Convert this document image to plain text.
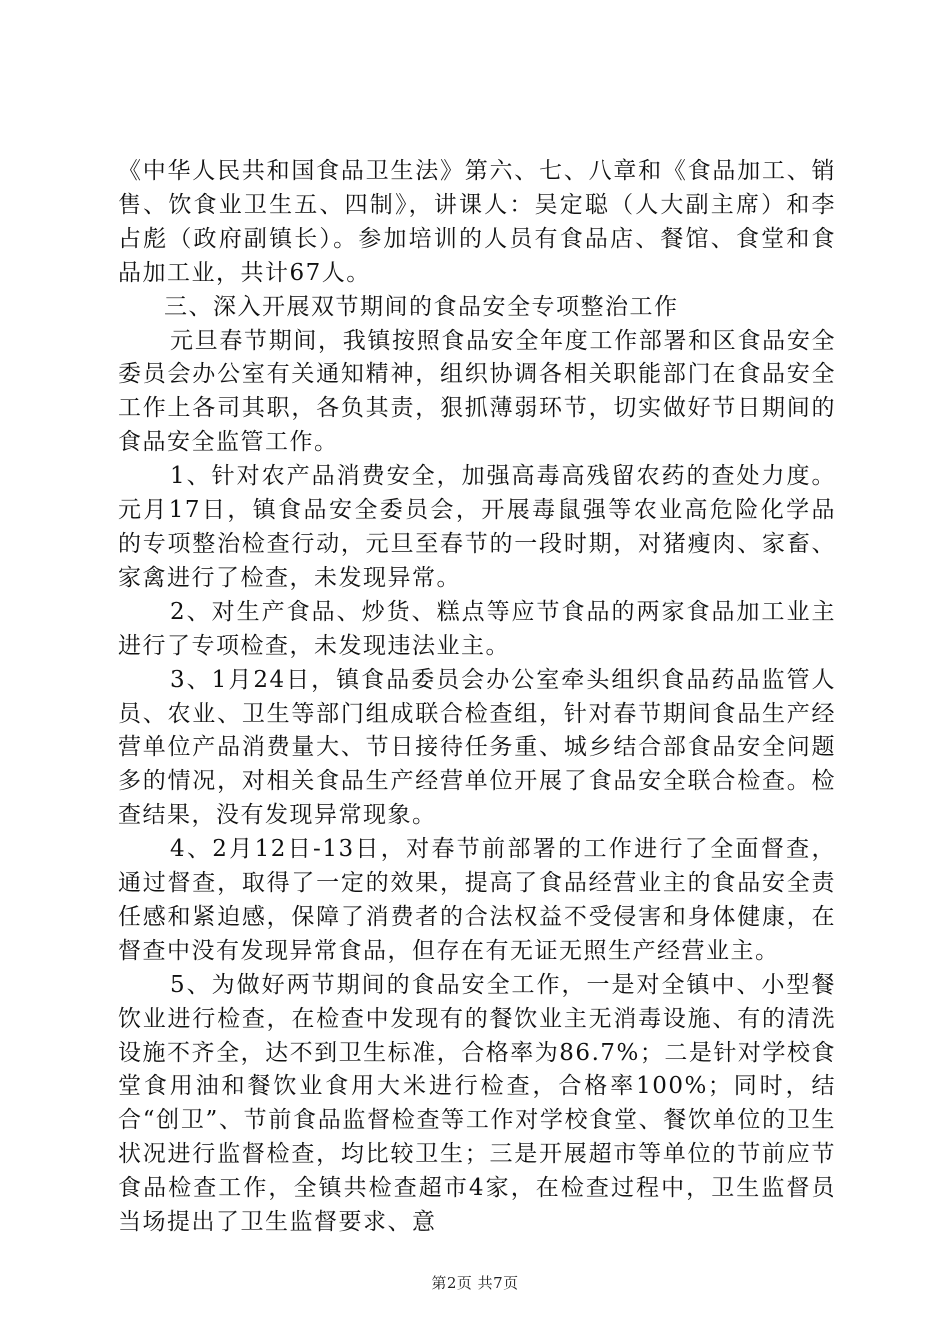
《中华人民共和国食品卫生法》第六、七、八章和《食品加工、销售、饮食业卫生五、四制》，讲课人：吴定聪（人大副主席）和李占彪（政府副镇长）。参加培训的人员有食品店、餐馆、食堂和食品加工业，共计67人。

三、深入开展双节期间的食品安全专项整治工作

元旦春节期间，我镇按照食品安全年度工作部署和区食品安全委员会办公室有关通知精神，组织协调各相关职能部门在食品安全工作上各司其职，各负其责，狠抓薄弱环节，切实做好节日期间的食品安全监管工作。

1、针对农产品消费安全，加强高毒高残留农药的查处力度。元月17日，镇食品安全委员会，开展毒鼠强等农业高危险化学品的专项整治检查行动，元旦至春节的一段时期，对猪瘦肉、家畜、家禽进行了检查，未发现异常。

2、对生产食品、炒货、糕点等应节食品的两家食品加工业主进行了专项检查，未发现违法业主。

3、1月24日，镇食品委员会办公室牵头组织食品药品监管人员、农业、卫生等部门组成联合检查组，针对春节期间食品生产经营单位产品消费量大、节日接待任务重、城乡结合部食品安全问题多的情况，对相关食品生产经营单位开展了食品安全联合检查。检查结果，没有发现异常现象。

4、2月12日-13日，对春节前部署的工作进行了全面督查，通过督查，取得了一定的效果，提高了食品经营业主的食品安全责任感和紧迫感，保障了消费者的合法权益不受侵害和身体健康，在督查中没有发现异常食品，但存在有无证无照生产经营业主。

5、为做好两节期间的食品安全工作，一是对全镇中、小型餐饮业进行检查，在检查中发现有的餐饮业主无消毒设施、有的清洗设施不齐全，达不到卫生标准，合格率为86.7%；二是针对学校食堂食用油和餐饮业食用大米进行检查，合格率100%；同时，结合“创卫”、节前食品监督检查等工作对学校食堂、餐饮单位的卫生状况进行监督检查，均比较卫生；三是开展超市等单位的节前应节食品检查工作，全镇共检查超市4家，在检查过程中，卫生监督员当场提出了卫生监督要求、意

第2页 共7页
